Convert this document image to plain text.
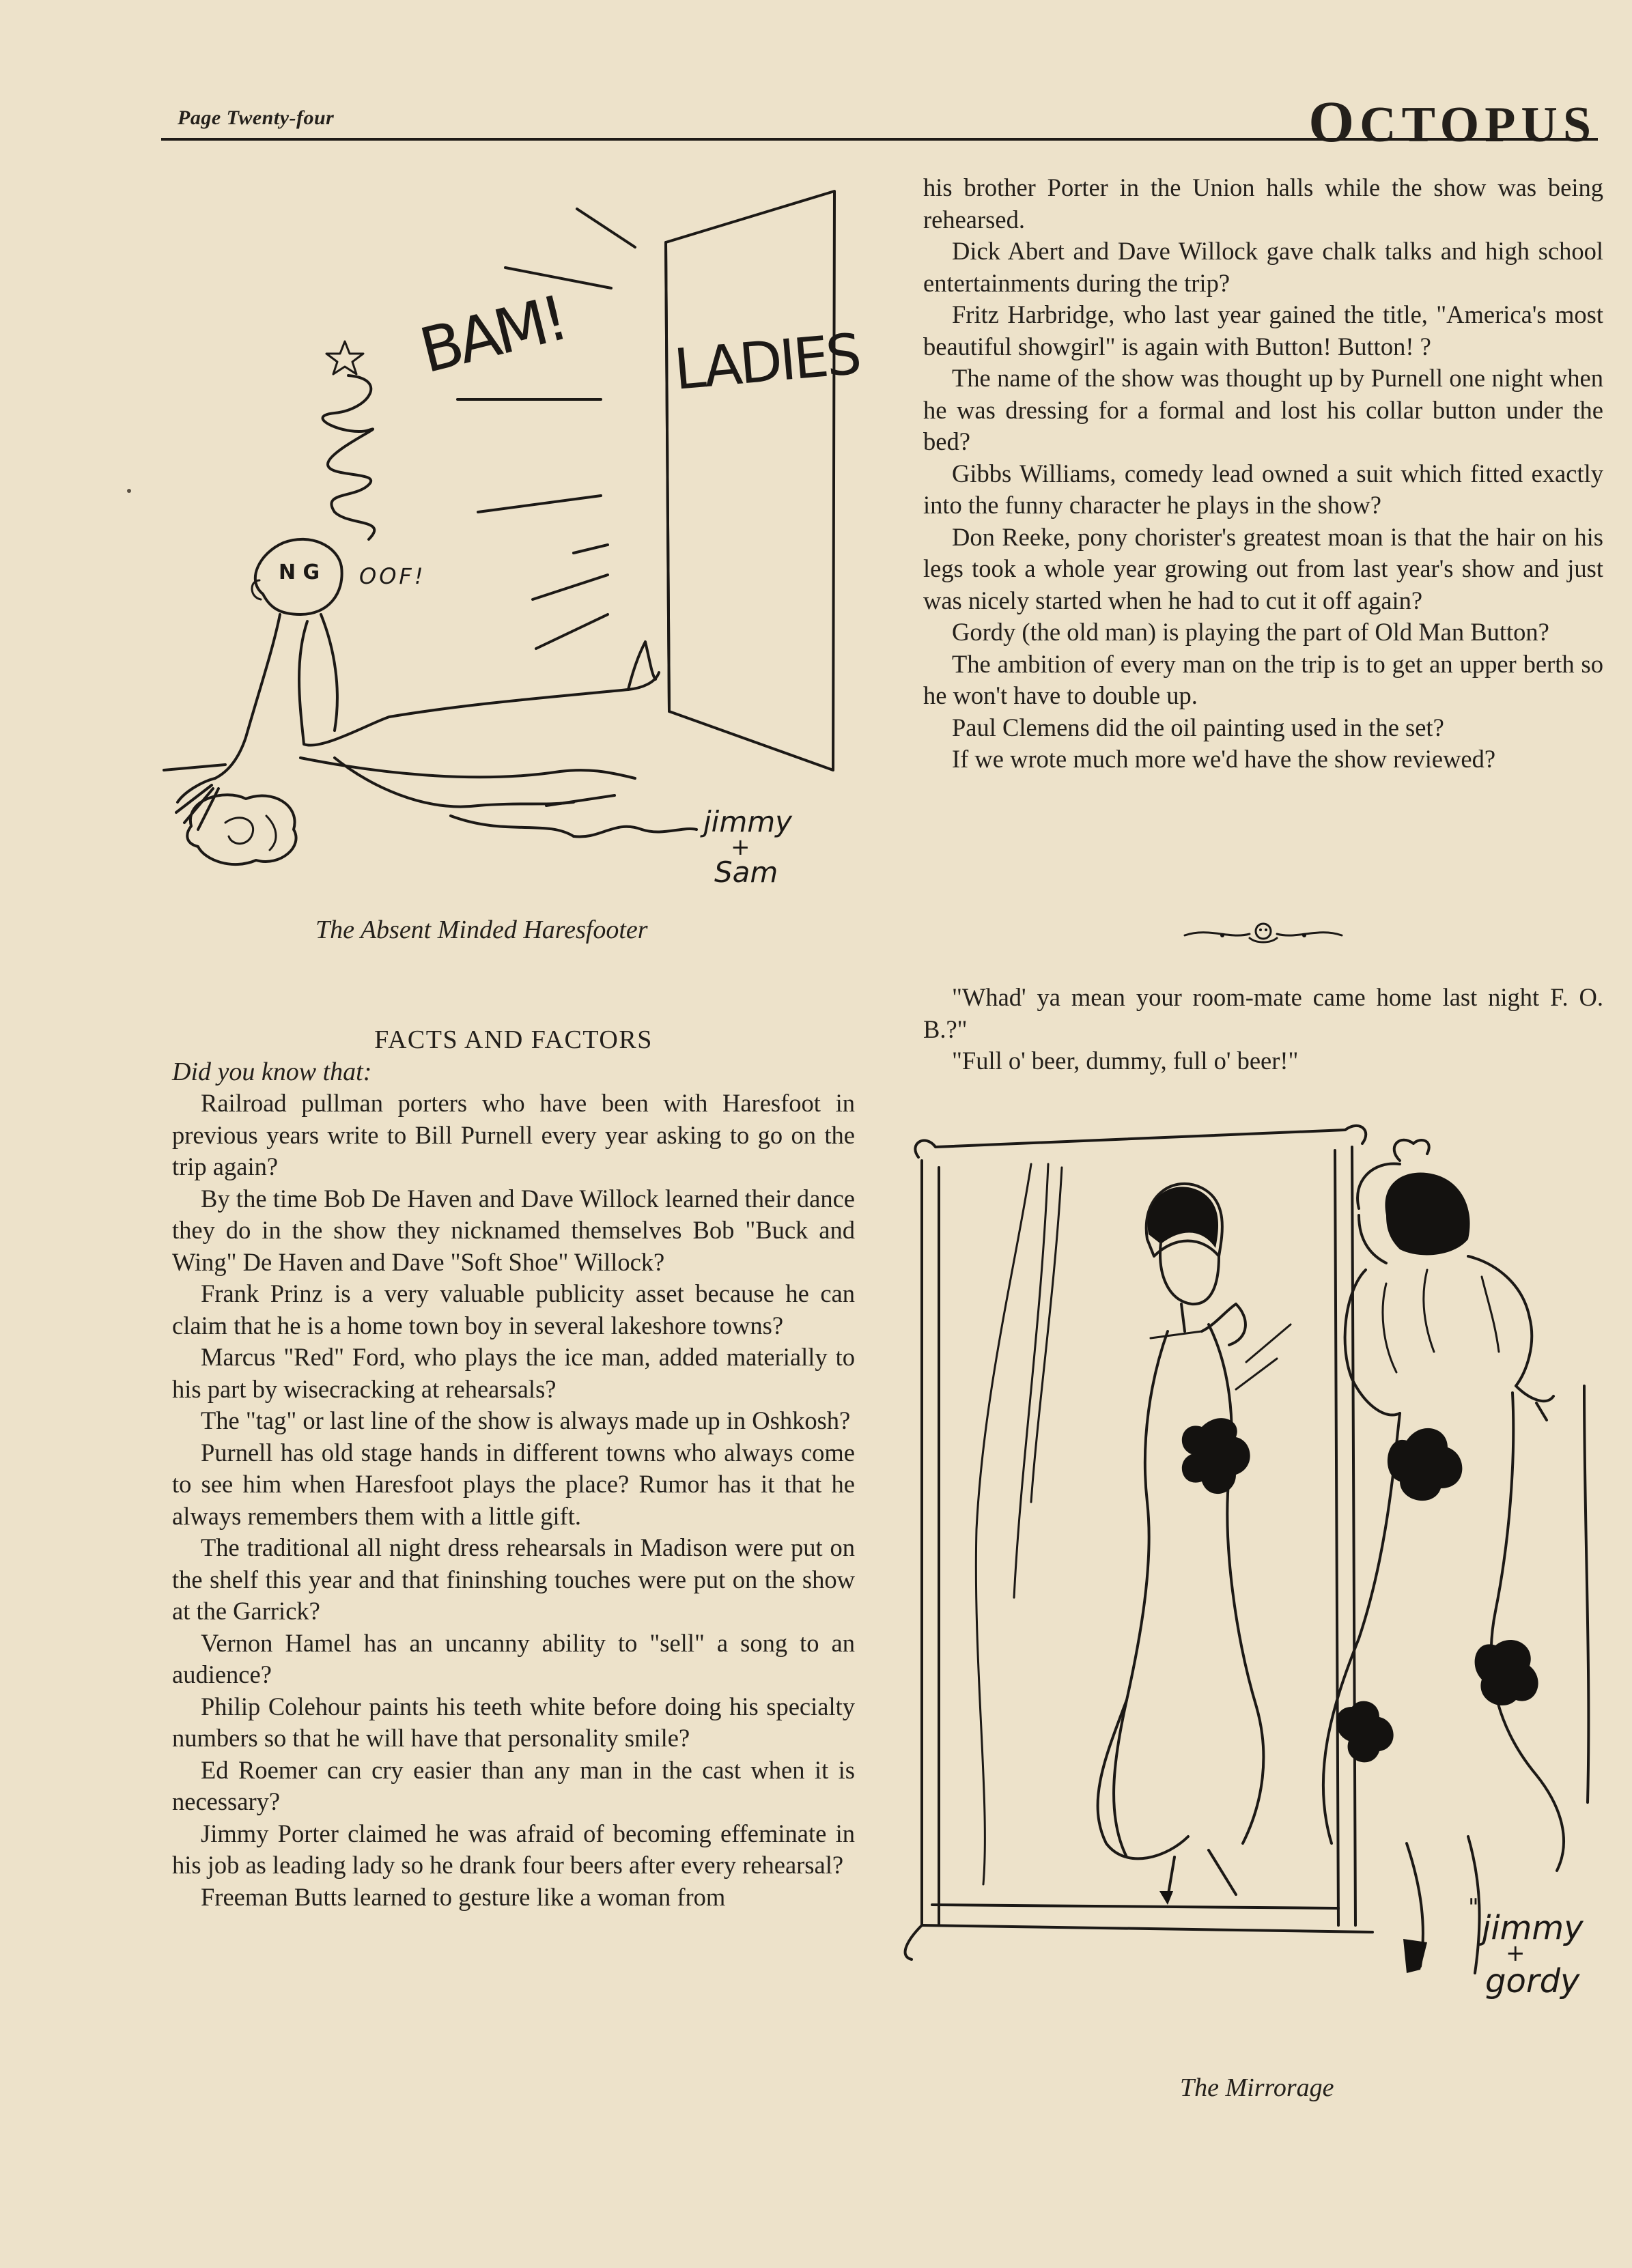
Page Twenty-four	OCTOPUS
LADIES
BAM!
N G OOF!
jimmy
+
Sam
The Absent Minded Haresfooter

FACTS AND FACTORS

Did you know that:

Railroad pullman porters who have been with Haresfoot in previous years write to Bill Purnell every year asking to go on the trip again?

By the time Bob De Haven and Dave Willock learned their dance they do in the show they nicknamed themselves Bob "Buck and Wing" De Haven and Dave "Soft Shoe" Willock?

Frank Prinz is a very valuable publicity asset because he can claim that he is a home town boy in several lakeshore towns?

Marcus "Red" Ford, who plays the ice man, added materially to his part by wisecracking at rehearsals?

The "tag" or last line of the show is always made up in Oshkosh?

Purnell has old stage hands in different towns who always come to see him when Haresfoot plays the place? Rumor has it that he always remembers them with a little gift.

The traditional all night dress rehearsals in Madison were put on the shelf this year and that fininshing touches were put on the show at the Garrick?

Vernon Hamel has an uncanny ability to "sell" a song to an audience?

Philip Colehour paints his teeth white before doing his specialty numbers so that he will have that personality smile?

Ed Roemer can cry easier than any man in the cast when it is necessary?

Jimmy Porter claimed he was afraid of becoming effeminate in his job as leading lady so he drank four beers after every rehearsal?

Freeman Butts learned to gesture like a woman from

his brother Porter in the Union halls while the show was being rehearsed.

Dick Abert and Dave Willock gave chalk talks and high school entertainments during the trip?

Fritz Harbridge, who last year gained the title, "America's most beautiful showgirl" is again with Button! Button! ?

The name of the show was thought up by Purnell one night when he was dressing for a formal and lost his collar button under the bed?

Gibbs Williams, comedy lead owned a suit which fitted exactly into the funny character he plays in the show?

Don Reeke, pony chorister's greatest moan is that the hair on his legs took a whole year growing out from last year's show and just was nicely started when he had to cut it off again?

Gordy (the old man) is playing the part of Old Man Button?

The ambition of every man on the trip is to get an upper berth so he won't have to double up.

Paul Clemens did the oil painting used in the set?

If we wrote much more we'd have the show reviewed?

"Whad' ya mean your room-mate came home last night F. O. B.?"

"Full o' beer, dummy, full o' beer!"

"
jimmy
+
gordy
The Mirrorage
